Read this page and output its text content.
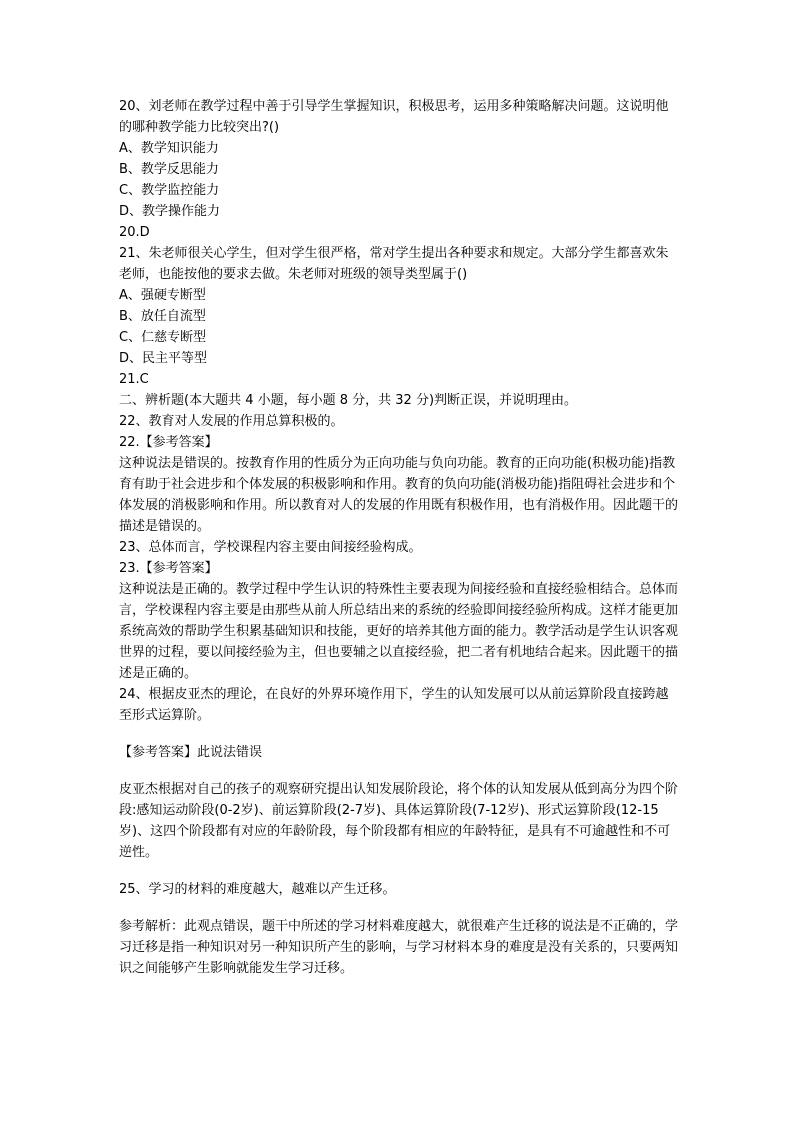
20、刘老师在教学过程中善于引导学生掌握知识，积极思考，运用多种策略解决问题。这说明他的哪种教学能力比较突出?()

A、教学知识能力

B、教学反思能力

C、教学监控能力

D、教学操作能力

20.D

21、朱老师很关心学生，但对学生很严格，常对学生提出各种要求和规定。大部分学生都喜欢朱老师，也能按他的要求去做。朱老师对班级的领导类型属于()

A、强硬专断型

B、放任自流型

C、仁慈专断型

D、民主平等型

21.C

二、辨析题(本大题共 4 小题，每小题 8 分，共 32 分)判断正误，并说明理由。

22、教育对人发展的作用总算积极的。

22.【参考答案】

这种说法是错误的。按教育作用的性质分为正向功能与负向功能。教育的正向功能(积极功能)指教育有助于社会进步和个体发展的积极影响和作用。教育的负向功能(消极功能)指阻碍社会进步和个体发展的消极影响和作用。所以教育对人的发展的作用既有积极作用，也有消极作用。因此题干的描述是错误的。

23、总体而言，学校课程内容主要由间接经验构成。

23.【参考答案】

这种说法是正确的。教学过程中学生认识的特殊性主要表现为间接经验和直接经验相结合。总体而言，学校课程内容主要是由那些从前人所总结出来的系统的经验即间接经验所构成。这样才能更加系统高效的帮助学生积累基础知识和技能，更好的培养其他方面的能力。教学活动是学生认识客观世界的过程，要以间接经验为主，但也要辅之以直接经验，把二者有机地结合起来。因此题干的描述是正确的。

24、根据皮亚杰的理论，在良好的外界环境作用下，学生的认知发展可以从前运算阶段直接跨越至形式运算阶。

【参考答案】此说法错误

皮亚杰根据对自己的孩子的观察研究提出认知发展阶段论，将个体的认知发展从低到高分为四个阶段:感知运动阶段(0-2岁)、前运算阶段(2-7岁)、具体运算阶段(7-12岁)、形式运算阶段(12-15岁)、这四个阶段都有对应的年龄阶段，每个阶段都有相应的年龄特征，是具有不可逾越性和不可逆性。

25、学习的材料的难度越大，越难以产生迁移。

参考解析：此观点错误，题干中所述的学习材料难度越大，就很难产生迁移的说法是不正确的，学习迁移是指一种知识对另一种知识所产生的影响，与学习材料本身的难度是没有关系的，只要两知识之间能够产生影响就能发生学习迁移。
